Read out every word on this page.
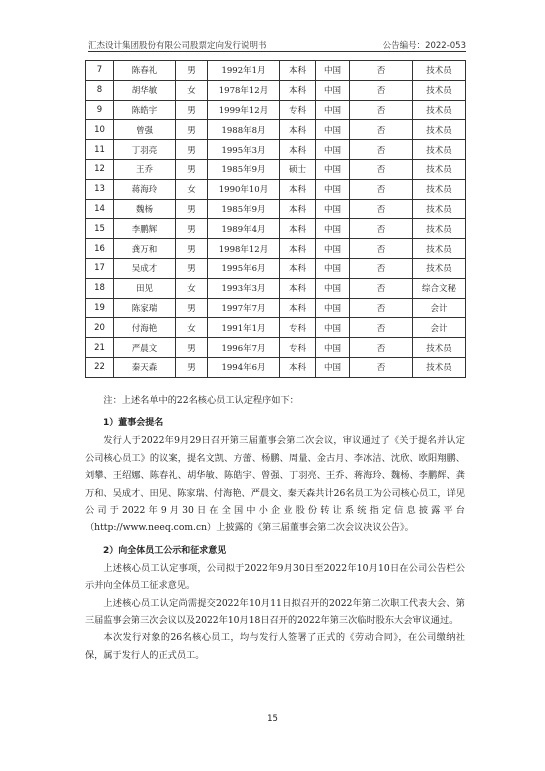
汇杰设计集团股份有限公司股票定向发行说明书	公告编号：2022-053
7	陈春礼	男	1992年1月	本科	中国	否	技术员
8	胡华敏	女	1978年12月	本科	中国	否	技术员
9	陈皓宇	男	1999年12月	专科	中国	否	技术员
10	曾强	男	1988年8月	本科	中国	否	技术员
11	丁羽亮	男	1995年3月	本科	中国	否	技术员
12	王乔	男	1985年9月	硕士	中国	否	技术员
13	蒋海玲	女	1990年10月	本科	中国	否	技术员
14	魏杨	男	1985年9月	本科	中国	否	技术员
15	李鹏辉	男	1989年4月	本科	中国	否	技术员
16	龚万和	男	1998年12月	本科	中国	否	技术员
17	吴成才	男	1995年6月	本科	中国	否	技术员
18	田见	女	1993年3月	本科	中国	否	综合文秘
19	陈家瑞	男	1997年7月	本科	中国	否	会计
20	付海艳	女	1991年1月	专科	中国	否	会计
21	严晨文	男	1996年7月	专科	中国	否	技术员
22	秦天森	男	1994年6月	本科	中国	否	技术员

注：上述名单中的22名核心员工认定程序如下：

1）董事会提名

发行人于2022年9月29日召开第三届董事会第二次会议，审议通过了《关于提名并认定公司核心员工》的议案，提名文凯、方蕾、杨鹏、周量、金古月、李冰洁、沈欣、欧阳翔鹏、刘攀、王绍娜、陈春礼、胡华敏、陈皓宇、曾强、丁羽亮、王乔、蒋海玲、魏杨、李鹏辉、龚万和、吴成才、田见、陈家瑞、付海艳、严晨文、秦天森共计26名员工为公司核心员工，详见公司于2022年9月30日在全国中小企业股份转让系统指定信息披露平台（http://www.neeq.com.cn）上披露的《第三届董事会第二次会议决议公告》。

2）向全体员工公示和征求意见

上述核心员工认定事项，公司拟于2022年9月30日至2022年10月10日在公司公告栏公示并向全体员工征求意见。

上述核心员工认定尚需提交2022年10月11日拟召开的2022年第二次职工代表大会、第三届监事会第三次会议以及2022年10月18日召开的2022年第三次临时股东大会审议通过。

本次发行对象的26名核心员工，均与发行人签署了正式的《劳动合同》，在公司缴纳社保，属于发行人的正式员工。

15
